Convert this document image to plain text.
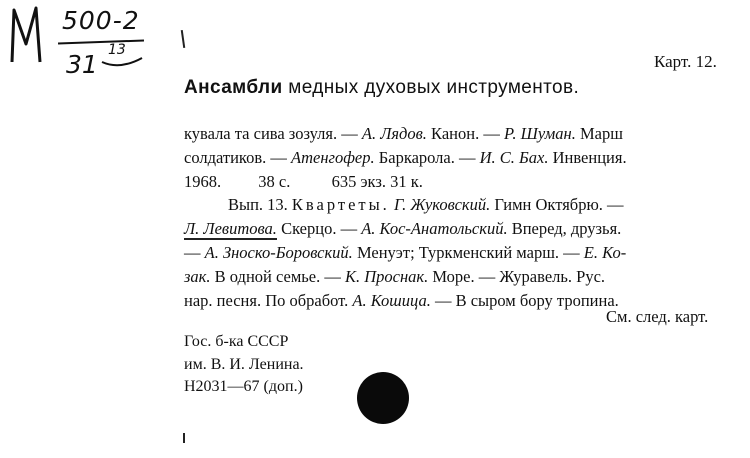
500-2
31 13
Карт. 12.
Ансамбли медных духовых инструментов.
кувала та сива зозуля. — А. Лядов. Канон. — Р. Шуман. Марш
солдатиков. — Атенгофер. Баркарола. — И. С. Бах. Инвенция.
1968.         38 с.          635 экз. 31 к.
Вып. 13. Квартеты. Г. Жуковский. Гимн Октябрю. —
Л. Левитова. Скерцо. — А. Кос-Анатольский. Вперед, друзья.
— А. Зноско-Боровский. Менуэт; Туркменский марш. — Е. Ко-
зак. В одной семье. — К. Проснак. Море. — Журавель. Рус.
нар. песня. По обработ. А. Кошица. — В сыром бору тропина.
См. след. карт.
Гос. б-ка СССР
им. В. И. Ленина.
Н2031—67 (доп.)
